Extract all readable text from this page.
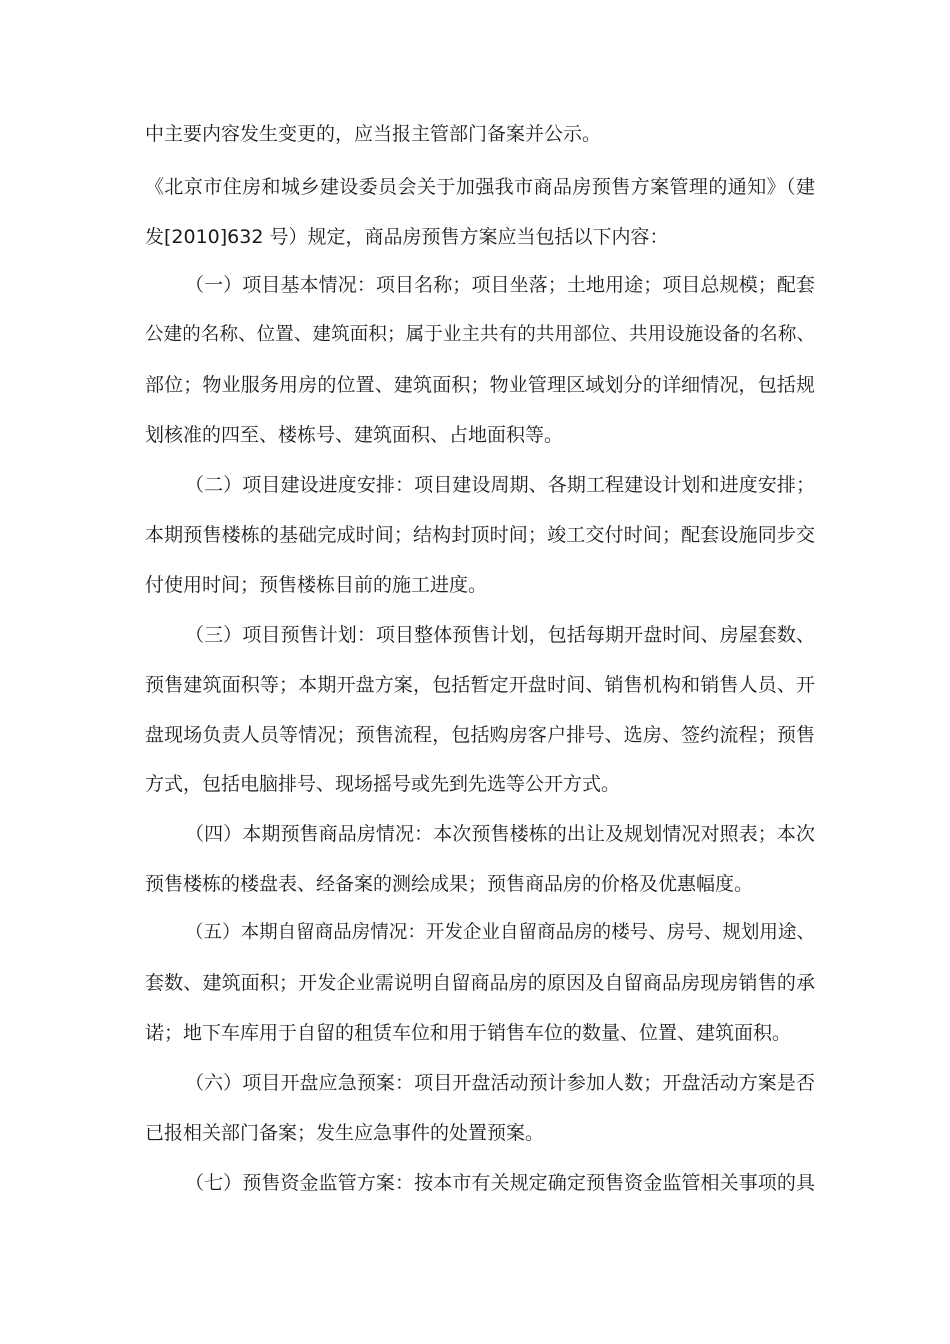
中主要内容发生变更的，应当报主管部门备案并公示。
《北京市住房和城乡建设委员会关于加强我市商品房预售方案管理的通知》（建
发[2010]632 号）规定，商品房预售方案应当包括以下内容：
（一）项目基本情况：项目名称；项目坐落；土地用途；项目总规模；配套
公建的名称、位置、建筑面积；属于业主共有的共用部位、共用设施设备的名称、
部位；物业服务用房的位置、建筑面积；物业管理区域划分的详细情况，包括规
划核准的四至、楼栋号、建筑面积、占地面积等。
（二）项目建设进度安排：项目建设周期、各期工程建设计划和进度安排；
本期预售楼栋的基础完成时间；结构封顶时间；竣工交付时间；配套设施同步交
付使用时间；预售楼栋目前的施工进度。
（三）项目预售计划：项目整体预售计划，包括每期开盘时间、房屋套数、
预售建筑面积等；本期开盘方案，包括暂定开盘时间、销售机构和销售人员、开
盘现场负责人员等情况；预售流程，包括购房客户排号、选房、签约流程；预售
方式，包括电脑排号、现场摇号或先到先选等公开方式。
（四）本期预售商品房情况：本次预售楼栋的出让及规划情况对照表；本次
预售楼栋的楼盘表、经备案的测绘成果；预售商品房的价格及优惠幅度。
（五）本期自留商品房情况：开发企业自留商品房的楼号、房号、规划用途、
套数、建筑面积；开发企业需说明自留商品房的原因及自留商品房现房销售的承
诺；地下车库用于自留的租赁车位和用于销售车位的数量、位置、建筑面积。
（六）项目开盘应急预案：项目开盘活动预计参加人数；开盘活动方案是否
已报相关部门备案；发生应急事件的处置预案。
（七）预售资金监管方案：按本市有关规定确定预售资金监管相关事项的具
